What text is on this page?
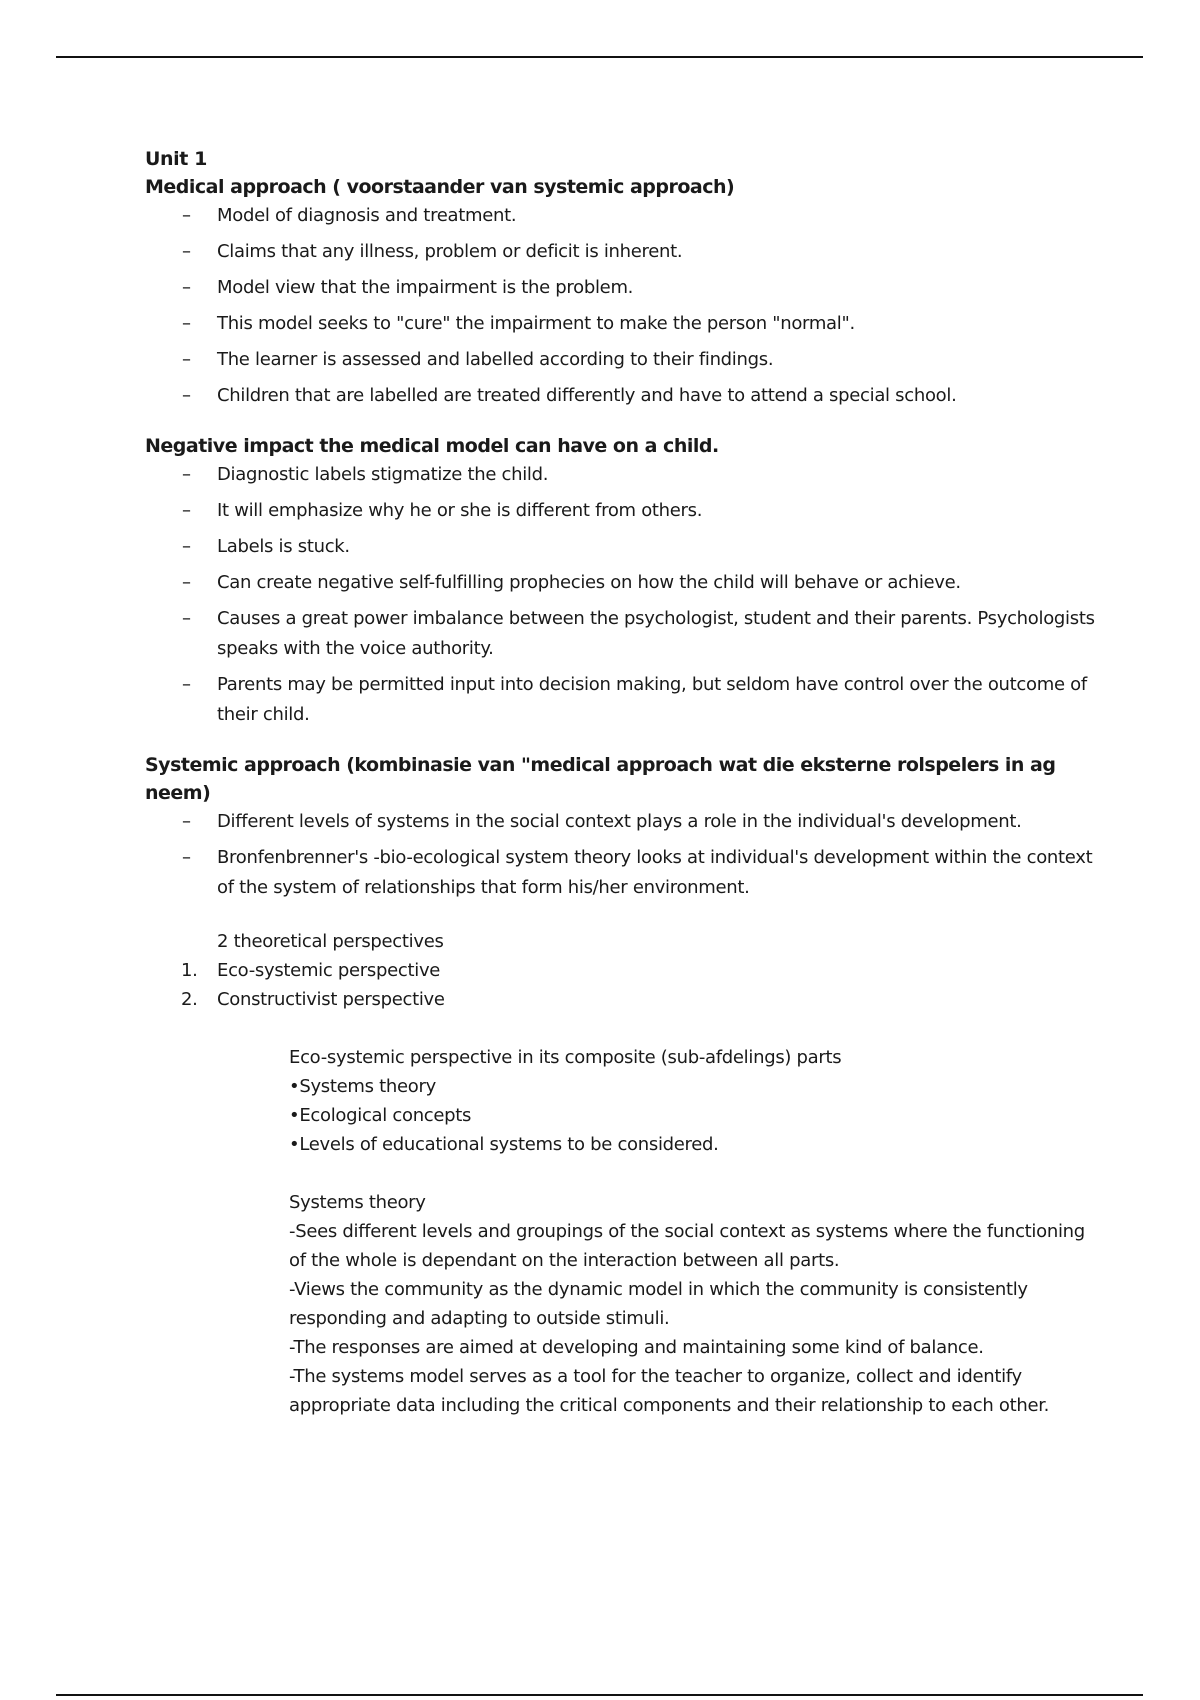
Unit 1
Medical approach ( voorstaander van systemic approach)
– Model of diagnosis and treatment.
– Claims that any illness, problem or deficit is inherent.
– Model view that the impairment is the problem.
– This model seeks to "cure" the impairment to make the person "normal".
– The learner is assessed and labelled according to their findings.
– Children that are labelled are treated differently and have to attend a special school.
Negative impact the medical model can have on a child.
– Diagnostic labels stigmatize the child.
– It will emphasize why he or she is different from others.
– Labels is stuck.
– Can create negative self-fulfilling prophecies on how the child will behave or achieve.
– Causes a great power imbalance between the psychologist, student and their parents. Psychologists speaks with the voice authority.
– Parents may be permitted input into decision making, but seldom have control over the outcome of their child.
Systemic approach (kombinasie van "medical approach wat die eksterne rolspelers in ag neem)
– Different levels of systems in the social context plays a role in the individual's development.
– Bronfenbrenner's -bio-ecological system theory looks at individual's development within the context of the system of relationships that form his/her environment.
2 theoretical perspectives
1. Eco-systemic perspective
2. Constructivist perspective

Eco-systemic perspective in its composite (sub-afdelings) parts

•Systems theory

•Ecological concepts

•Levels of educational systems to be considered.

Systems theory

-Sees different levels and groupings of the social context as systems where the functioning of the whole is dependant on the interaction between all parts.

-Views the community as the dynamic model in which the community is consistently responding and adapting to outside stimuli.

-The responses are aimed at developing and maintaining some kind of balance.

-The systems model serves as a tool for the teacher to organize, collect and identify appropriate data including the critical components and their relationship to each other.
